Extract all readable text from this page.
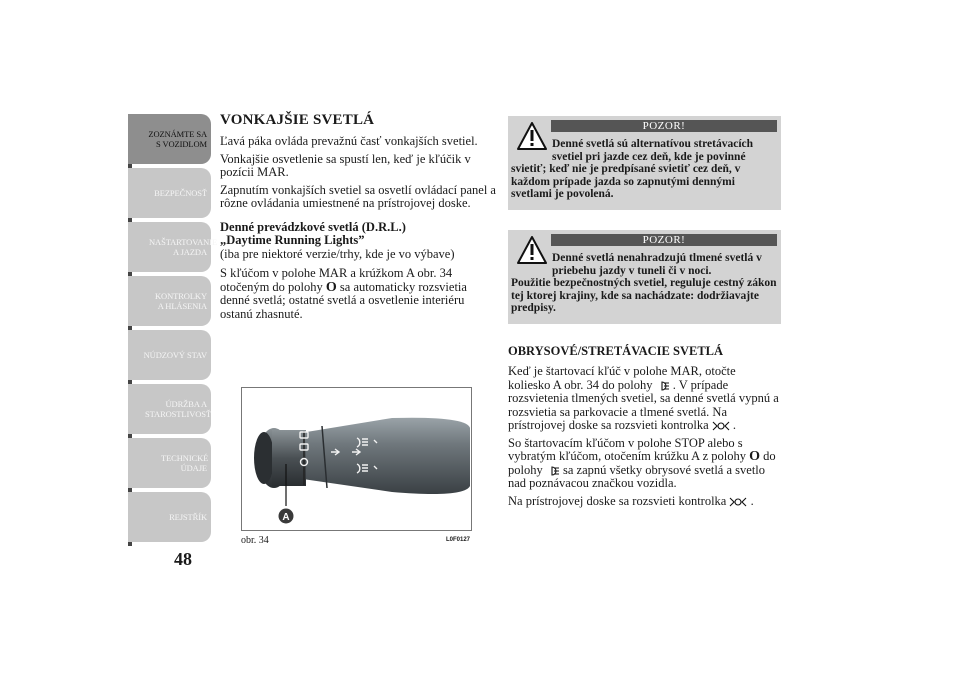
ZOZNÁMTE SA S VOZIDLOM
BEZPEČNOSŤ
NAŠTARTOVANIE A JAZDA
KONTROLKY A HLÁSENIA
NÚDZOVÝ STAV
ÚDRŽBA A STAROSTLIVOSŤ
TECHNICKÉ ÚDAJE
REJSTŘÍK
48
VONKAJŠIE SVETLÁ

Ľavá páka ovláda prevažnú časť vonkajších svetiel.

Vonkajšie osvetlenie sa spustí len, keď je kľúčik v pozícii MAR.

Zapnutím vonkajších svetiel sa osvetlí ovládací panel a rôzne ovládania umiestnené na prístrojovej doske.

Denné prevádzkové svetlá (D.R.L.)
„Daytime Running Lights”

(iba pre niektoré verzie/trhy, kde je vo výbave)

S kľúčom v polohe MAR a krúžkom A obr. 34 otočeným do polohy O sa automaticky rozsvietia denné svetlá; ostatné svetlá a osvetlenie interiéru ostanú zhasnuté.

A
obr. 34	L0F0127
POZOR!
Denné svetlá sú alternatívou stretávacích svetiel pri jazde cez deň, kde je povinné
svietiť; keď nie je predpísané svietiť cez deň, v každom prípade jazda so zapnutými dennými svetlami je povolená.
POZOR!
Denné svetlá nenahradzujú tlmené svetlá v priebehu jazdy v tuneli či v noci.
Použitie bezpečnostných svetiel, reguluje cestný zákon tej ktorej krajiny, kde sa nachádzate: dodržiavajte predpisy.
OBRYSOVÉ/STRETÁVACIE SVETLÁ

Keď je štartovací kľúč v polohe MAR, otočte koliesko A obr. 34 do polohy . V prípade rozsvietenia tlmených svetiel, sa denné svetlá vypnú a rozsvietia sa parkovacie a tlmené svetlá. Na prístrojovej doske sa rozsvieti kontrolka .

So štartovacím kľúčom v polohe STOP alebo s vybratým kľúčom, otočením krúžku A z polohy O do polohy sa zapnú všetky obrysové svetlá a svetlo nad poznávacou značkou vozidla.

Na prístrojovej doske sa rozsvieti kontrolka .
